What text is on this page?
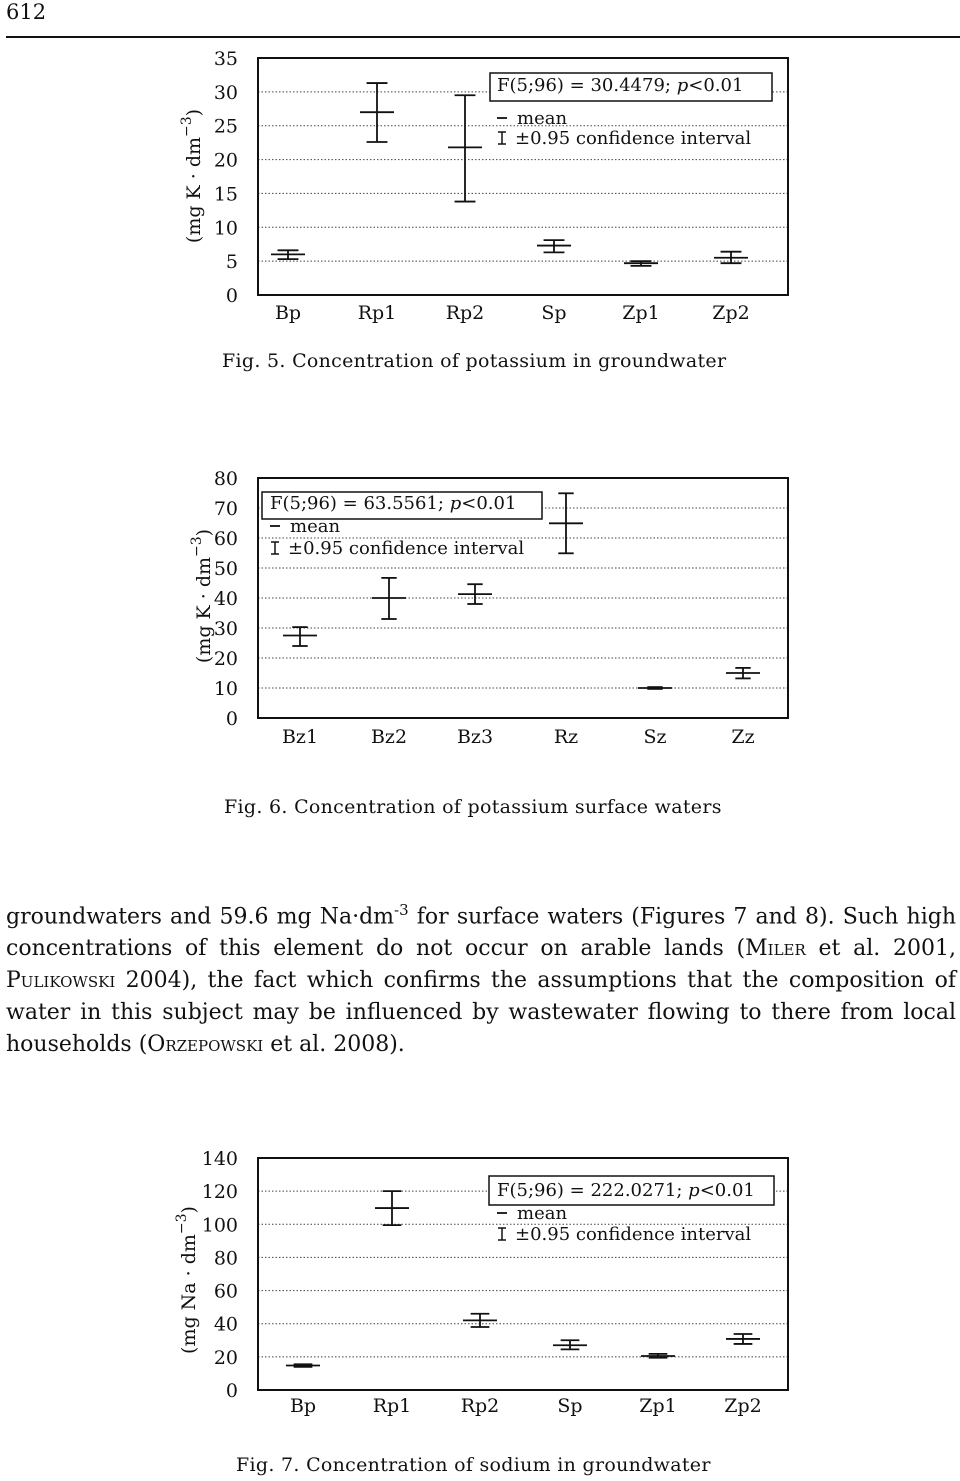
612
0
5
10
15
20
25
30
35
Bp	Rp1	Rp2	Sp	Zp1	Zp2
(mg $K \cdot dm^{-3}$)
F(5;96) = 30.4479; p<0.01
mean
±0.95 confidence interval
Fig. 5. Concentration of potassium in groundwater
0
10
20
30
40
50
60
70
80
Bz1	Bz2	Bz3	Rz	Sz	Zz
(mg $K \cdot dm^{-3}$)
F(5;96) = 63.5561; p<0.01
mean
±0.95 confidence interval
Fig. 6. Concentration of potassium surface waters

groundwaters and 59.6 mg $Na\cdot dm^{-3}$ for surface waters (Figures 7 and 8). Such high concentrations of this element do not occur on arable lands (Miler et al. 2001, Pulikowski 2004), the fact which confirms the assumptions that the composition of water in this subject may be influenced by wastewater flowing to there from local households (Orzepowski et al. 2008).

0
20
40
60
80
100
120
140
Bp	Rp1	Rp2	Sp	Zp1	Zp2
(mg $Na \cdot dm^{-3}$)
F(5;96) = 222.0271; p<0.01
mean
±0.95 confidence interval
Fig. 7. Concentration of sodium in groundwater
